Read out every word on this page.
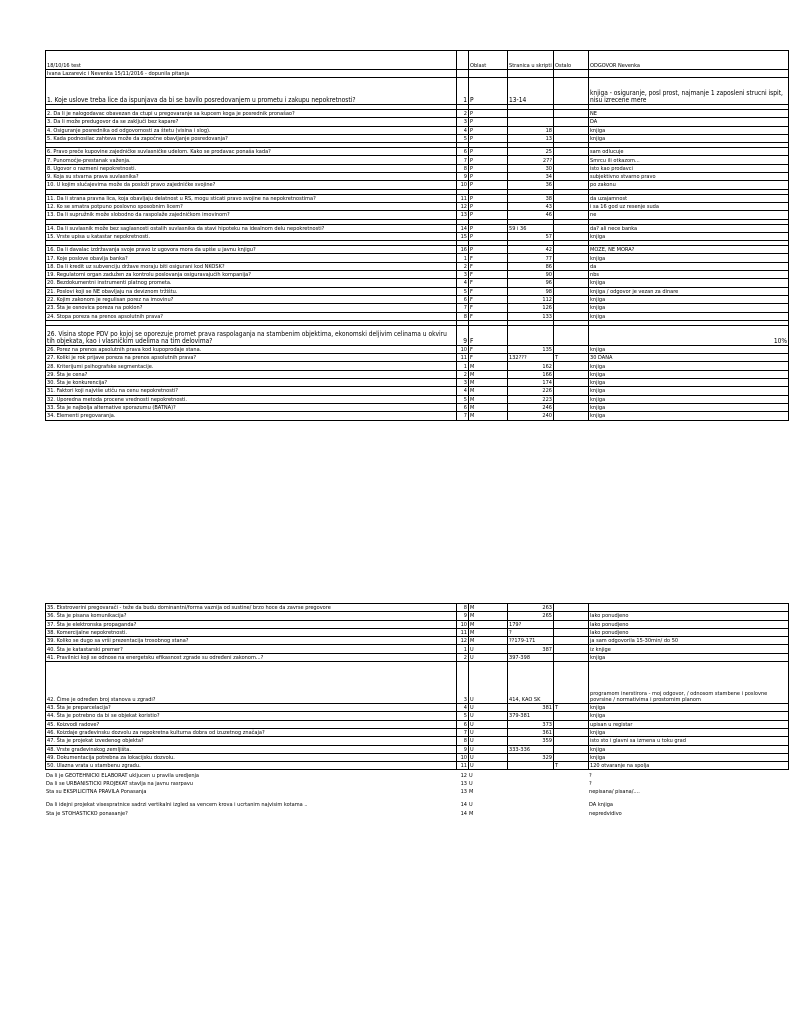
18/10/16 test		Oblast	Stranica u skripti	Ostalo	ODGOVOR Nevenka
Ivana Lazarevic i Nevenka 15/11/2016 - dopunila pitanja					
1. Koje uslove treba lice da ispunjava da bi se bavilo posredovanjem u prometu i zakupu nepokretnosti?	1	P	13-14		knjiga - osiguranje, posl prost, najmanje 1 zaposleni strucni ispit, nisu izrecene mere

2. Da li je nalogodavac obavezan da ctupi u pregovaranje sa kupcem koga je posrednik pronašao?	2	P			NE
3. Da li može predugovor da se zaključi bez kapare?	3	P			DA
4. Osiguranje posrednika od odgovornosti za štetu (visina i slog).	4	P	18		knjiga
5. Kada podnosilac zahteva može da započne obavljanje posredovanja?	5	P	13		knjiga

6. Pravo preče kupovine zajedničke suvlasničke udelom. Kako se prodavac ponaša kada?	6	P	25		sam odlucuje
7. Punomoćje-prestanak važenja.	7	P	27?		Smrcu ili otkazom...
8. Ugovor o razmeni nepokretnosti.	8	P	30		isto kao prodavci
9. Koja su stvarna prava suvlasnika?	9	P	34		subjektivno stvarno pravo
10. U kojim slučajevima može da posloži pravo zajedničke svojine?	10	P	36		po zakonu

11. Da li strana pravna lica, koja obavljaju delatnost u RS, mogu sticati pravo svojine na nepokretnostima?	11	P	38		da uzajamnost
12. Ko se smatra potpuno poslovno sposobnim licem?	12	P	43		i sa 16 god uz resenje suda
13. Da li supružnik može slobodno da raspolaže zajedničkom imovinom?	13	P	46		ne

14. Da li suvlasnik može bez saglasnosti ostalih suvlasnika da stavi hipoteku na idealnom delu nepokretnosti?	14	P	59 i 36		da? ali nece banka
15. Vrste upisa u katastar nepokretnosti.	15	P	57		knjiga

16. Da li davalac izdržavanja svoje pravo iz ugovora mora da upiše u javnu knjigu?	16	P	42		MOZE, NE MORA?
17. Koje poslove obavlja banka?	1	F	77		knjiga
18. Da li kredit uz subvenciju države moraju biti osigurani kod NKOSK?	2	F	86		da
19. Regulatorni organ zadužen za kontrolu poslovanja osiguravajućih kompanija?	3	F	90		nbs
20. Bezdokumentni instrumenti platnog prometa.	4	F	96		knjiga
21. Poslovi koji se NE obavljaju na deviznom tržištu.	5	F	98		knjiga / odgovor je vezan za dinare
22. Kojim zakonom je regulisan porez na imovinu?	6	F	112		knjiga
23. Šta je osnovica poreza na poklon?	7	F	126		knjiga
24. Stopa poreza na prenos apsolutnih prava?	8	F	133		knjiga

26. Visina stope PDV po kojoj se oporezuje promet prava raspolaganja na stambenim objektima, ekonomski deljivim celinama u okviru tih objekata, kao i vlasničkim udelima na tim delovima?	9	F			10%
26. Porez na prenos apsolutnih prava kod kupoprodaje stana.	10	F	135		knjiga
27. Koliki je rok prijave poreza na prenos apsolutnih prava?	11	F	132???	T	30 DANA
28. Kriterijumi psihografske segmentacije.	1	M	162		knjiga
29. Šta je cena?	2	M	166		knjiga
30. Šta je konkurencija?	3	M	174		knjiga
31. Faktori koji najviše utiču na cenu nepokretnosti?	4	M	226		knjiga
32. Uporedna metoda procene vrednosti nepokretnosti.	5	M	223		knjiga
33. Šta je najbolja alternative sporazumu (BATNA)?	6	M	246		knjiga
34. Elementi pregovaranja.	7	M	240		knjiga
35. Ekstroverini pregovarači - teže da budu dominantni/forma vaznija od sustine/ brzo hoce da zavrse pregovore	8	M	263		
36. Šta je pisana komunikacija?	9	M	265		lako ponudjeno
37. Šta je elektronska propaganda?	10	M	179?		lako ponudjeno
38. Komercijalne nepokretnosti.	11	M	?		lako ponudjeno
39. Koliko se dugo sa vrši prezentacija trosobnog stana?	12	M	??179-171		ja sam odgovorila 15-30min/ do 50
40. Šta je katastarski premer?	1	U	387		iz knjige
41. Pravilnici koji se odnose na energetsku efikasnost zgrade su određeni zakonom...?	2	U	397-398		knjiga
42. Čime je određen broj stanova u zgradi?	3	U	414, KAO SK		programom inerstirora - moj odgovor, / odnosom stambene i poslovne povrsine / normativima i prostornim planom
43. Šta je preparcelacija?	4	U	381	T	knjiga
44. Šta je potrebno da bi se objekat koristio?	5	U	379-381		knjiga
45. Koizvodi radove?	6	U	373		upisan u registar
46. Koizdaje građevinsku dozvolu za nepokretna kulturna dobra od izuzetnog značaja?	7	U	361		knjiga
47. Šta je projekat izvedenog objekta?	8	U	359		isto sto i glavni sa izmena u toku grad
48. Vrste građevinskog zemljišta.	9	U	333-336		knjiga
49. Dokumentacija potrebna za lokacijsku dozvolu.	10	U	329		knjiga
50. Ulazna vrata u stambenu zgradu.	11	U		T	120 otvaranje na spolja
Da li je GEOTEHNICKI ELABORAT ukljucen u pravila uredjenja	12	U			?
Da li se URBANISTICKI PROJEKAT stavlja na javnu rasrpavu	13	U			?
Sta su EKSPILICITNA PRAVILA Ponasanja	13	M			nepisana/ pisana/....

Da li idejni projekat visespratnice sadrzi vertikalni izgled sa vencem krova i ucrtanim najvisim kotama ..	14	U			DA knjiga
Sta je STOHASTICKO ponasanje?	14	M			nepredvidivo
